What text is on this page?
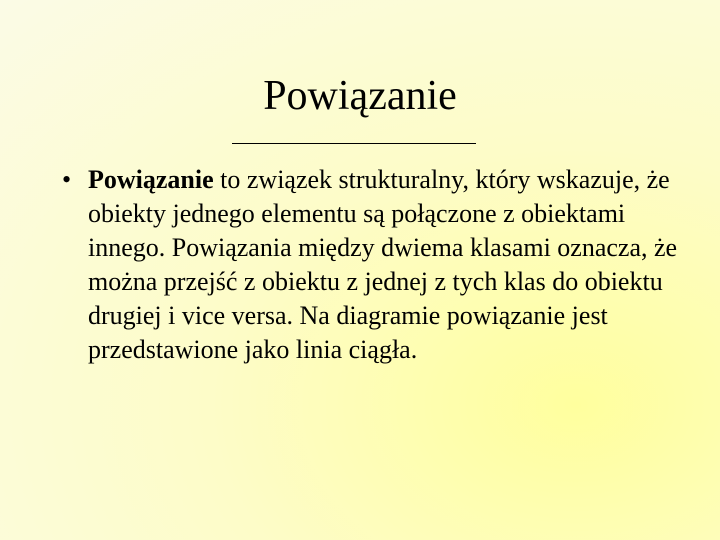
Powiązanie
• Powiązanie to związek strukturalny, który wskazuje, że obiekty jednego elementu są połączone z obiektami innego. Powiązania między dwiema klasami oznacza, że można przejść z obiektu z jednej z tych klas do obiektu drugiej i vice versa. Na diagramie powiązanie jest przedstawione jako linia ciągła.
